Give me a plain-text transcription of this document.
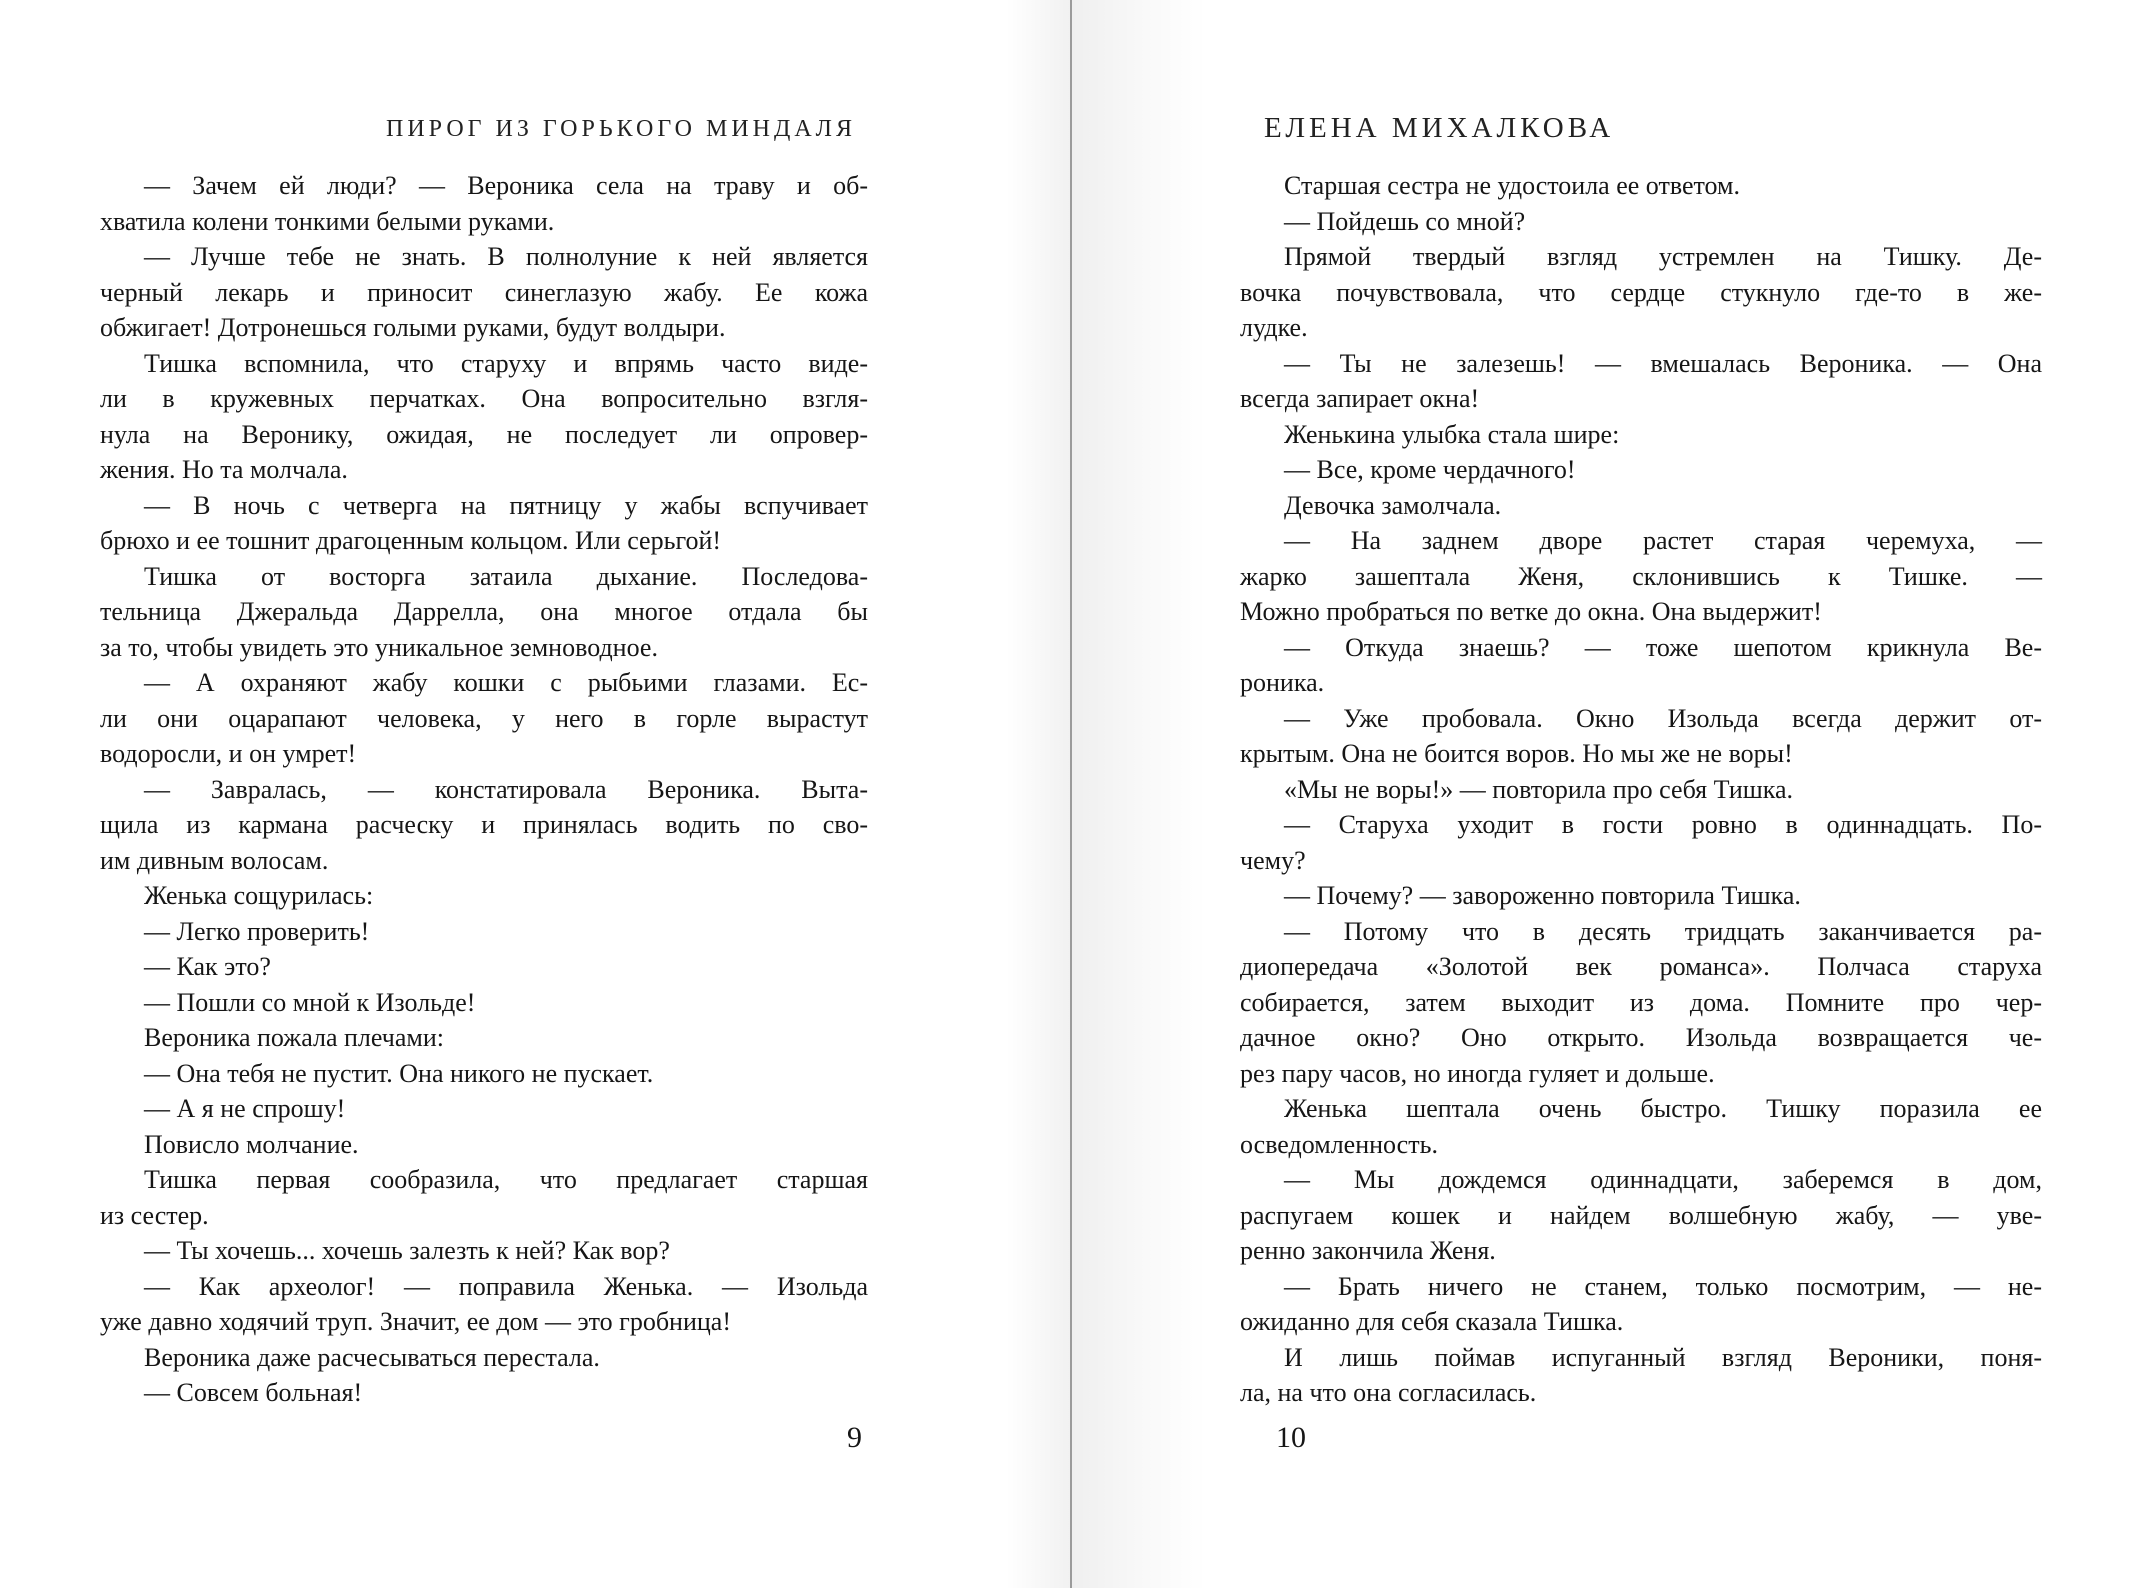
ПИРОГ ИЗ ГОРЬКОГО МИНДАЛЯ
— Зачем ей люди? — Вероника села на траву и об-
хватила колени тонкими белыми руками.
— Лучше тебе не знать. В полнолуние к ней является
черный лекарь и приносит синеглазую жабу. Ее кожа
обжигает! Дотронешься голыми руками, будут волдыри.
Тишка вспомнила, что старуху и впрямь часто виде-
ли в кружевных перчатках. Она вопросительно взгля-
нула на Веронику, ожидая, не последует ли опровер-
жения. Но та молчала.
— В ночь с четверга на пятницу у жабы вспучивает
брюхо и ее тошнит драгоценным кольцом. Или серьгой!
Тишка от восторга затаила дыхание. Последова-
тельница Джеральда Даррелла, она многое отдала бы
за то, чтобы увидеть это уникальное земноводное.
— А охраняют жабу кошки с рыбьими глазами. Ес-
ли они оцарапают человека, у него в горле вырастут
водоросли, и он умрет!
— Завралась, — констатировала Вероника. Выта-
щила из кармана расческу и принялась водить по сво-
им дивным волосам.
Женька сощурилась:
— Легко проверить!
— Как это?
— Пошли со мной к Изольде!
Вероника пожала плечами:
— Она тебя не пустит. Она никого не пускает.
— А я не спрошу!
Повисло молчание.
Тишка первая сообразила, что предлагает старшая
из сестер.
— Ты хочешь... хочешь залезть к ней? Как вор?
— Как археолог! — поправила Женька. — Изольда
уже давно ходячий труп. Значит, ее дом — это гробница!
Вероника даже расчесываться перестала.
— Совсем больная!
9
ЕЛЕНА МИХАЛКОВА
Старшая сестра не удостоила ее ответом.
— Пойдешь со мной?
Прямой твердый взгляд устремлен на Тишку. Де-
вочка почувствовала, что сердце стукнуло где-то в же-
лудке.
— Ты не залезешь! — вмешалась Вероника. — Она
всегда запирает окна!
Женькина улыбка стала шире:
— Все, кроме чердачного!
Девочка замолчала.
— На заднем дворе растет старая черемуха, —
жарко зашептала Женя, склонившись к Тишке. —
Можно пробраться по ветке до окна. Она выдержит!
— Откуда знаешь? — тоже шепотом крикнула Ве-
роника.
— Уже пробовала. Окно Изольда всегда держит от-
крытым. Она не боится воров. Но мы же не воры!
«Мы не воры!» — повторила про себя Тишка.
— Старуха уходит в гости ровно в одиннадцать. По-
чему?
— Почему? — завороженно повторила Тишка.
— Потому что в десять тридцать заканчивается ра-
диопередача «Золотой век романса». Полчаса старуха
собирается, затем выходит из дома. Помните про чер-
дачное окно? Оно открыто. Изольда возвращается че-
рез пару часов, но иногда гуляет и дольше.
Женька шептала очень быстро. Тишку поразила ее
осведомленность.
— Мы дождемся одиннадцати, заберемся в дом,
распугаем кошек и найдем волшебную жабу, — уве-
ренно закончила Женя.
— Брать ничего не станем, только посмотрим, — не-
ожиданно для себя сказала Тишка.
И лишь поймав испуганный взгляд Вероники, поня-
ла, на что она согласилась.
10
